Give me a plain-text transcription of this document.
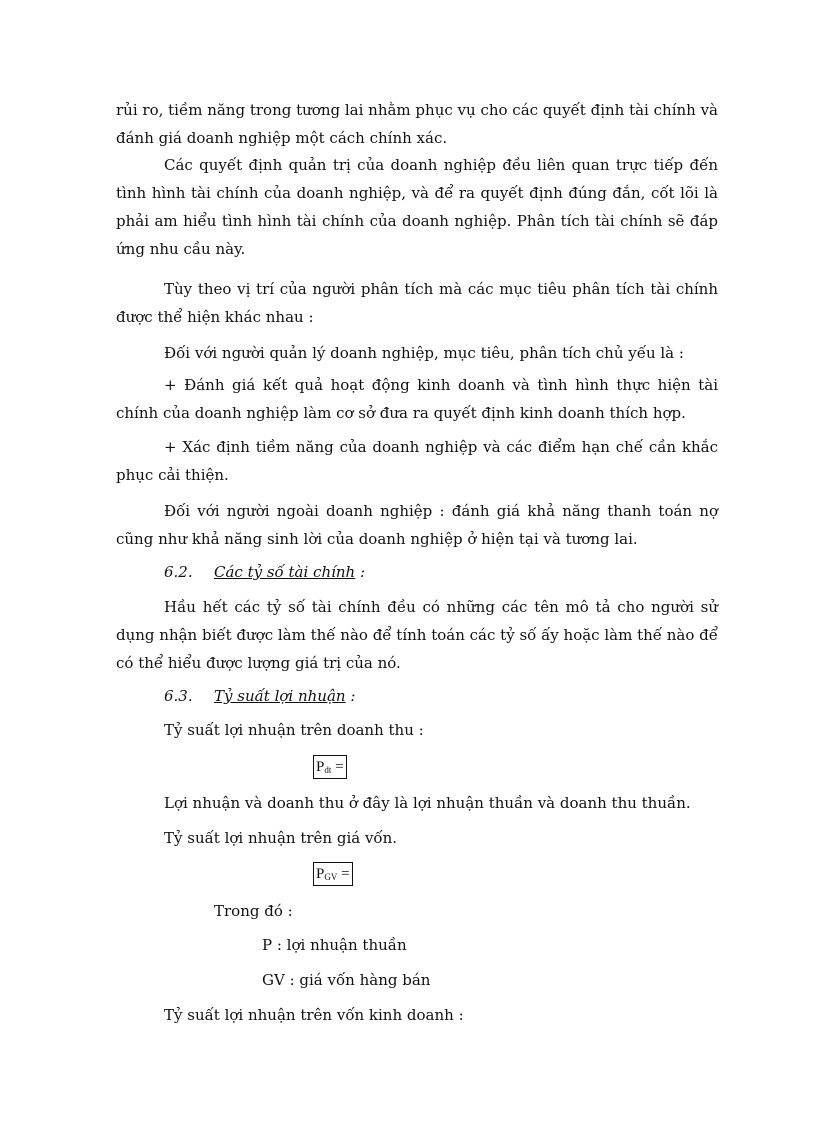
rủi ro, tiềm năng trong tương lai nhằm phục vụ cho các quyết định tài chính và đánh giá doanh nghiệp một cách chính xác.

Các quyết định quản trị của doanh nghiệp đều liên quan trực tiếp đến tình hình tài chính của doanh nghiệp, và để ra quyết định đúng đắn, cốt lõi là phải am hiểu tình hình tài chính của doanh nghiệp. Phân tích tài chính sẽ đáp ứng nhu cầu này.

Tùy theo vị trí của người phân tích mà các mục tiêu phân tích tài chính được thể hiện khác nhau :

Đối với người quản lý doanh nghiệp, mục tiêu, phân tích chủ yếu là :

+ Đánh giá kết quả hoạt động kinh doanh và tình hình thực hiện tài chính của doanh nghiệp làm cơ sở đưa ra quyết định kinh doanh thích hợp.

+ Xác định tiềm năng của doanh nghiệp và các điểm hạn chế cần khắc phục cải thiện.

Đối với người ngoài doanh nghiệp : đánh giá khả năng thanh toán nợ cũng như khả năng sinh lời của doanh nghiệp ở hiện tại và tương lai.

6.2. Các tỷ số tài chính :

Hầu hết các tỷ số tài chính đều có những các tên mô tả cho người sử dụng nhận biết được làm thế nào để tính toán các tỷ số ấy hoặc làm thế nào để có thể hiểu được lượng giá trị của nó.

6.3. Tỷ suất lợi nhuận :
Tỷ suất lợi nhuận trên doanh thu :
$P_{dt}$ =
Lợi nhuận và doanh thu ở đây là lợi nhuận thuần và doanh thu thuần.
Tỷ suất lợi nhuận trên giá vốn.
$P_{GV}$ =
Trong đó :
P : lợi nhuận thuần
GV : giá vốn hàng bán
Tỷ suất lợi nhuận trên vốn kinh doanh :
